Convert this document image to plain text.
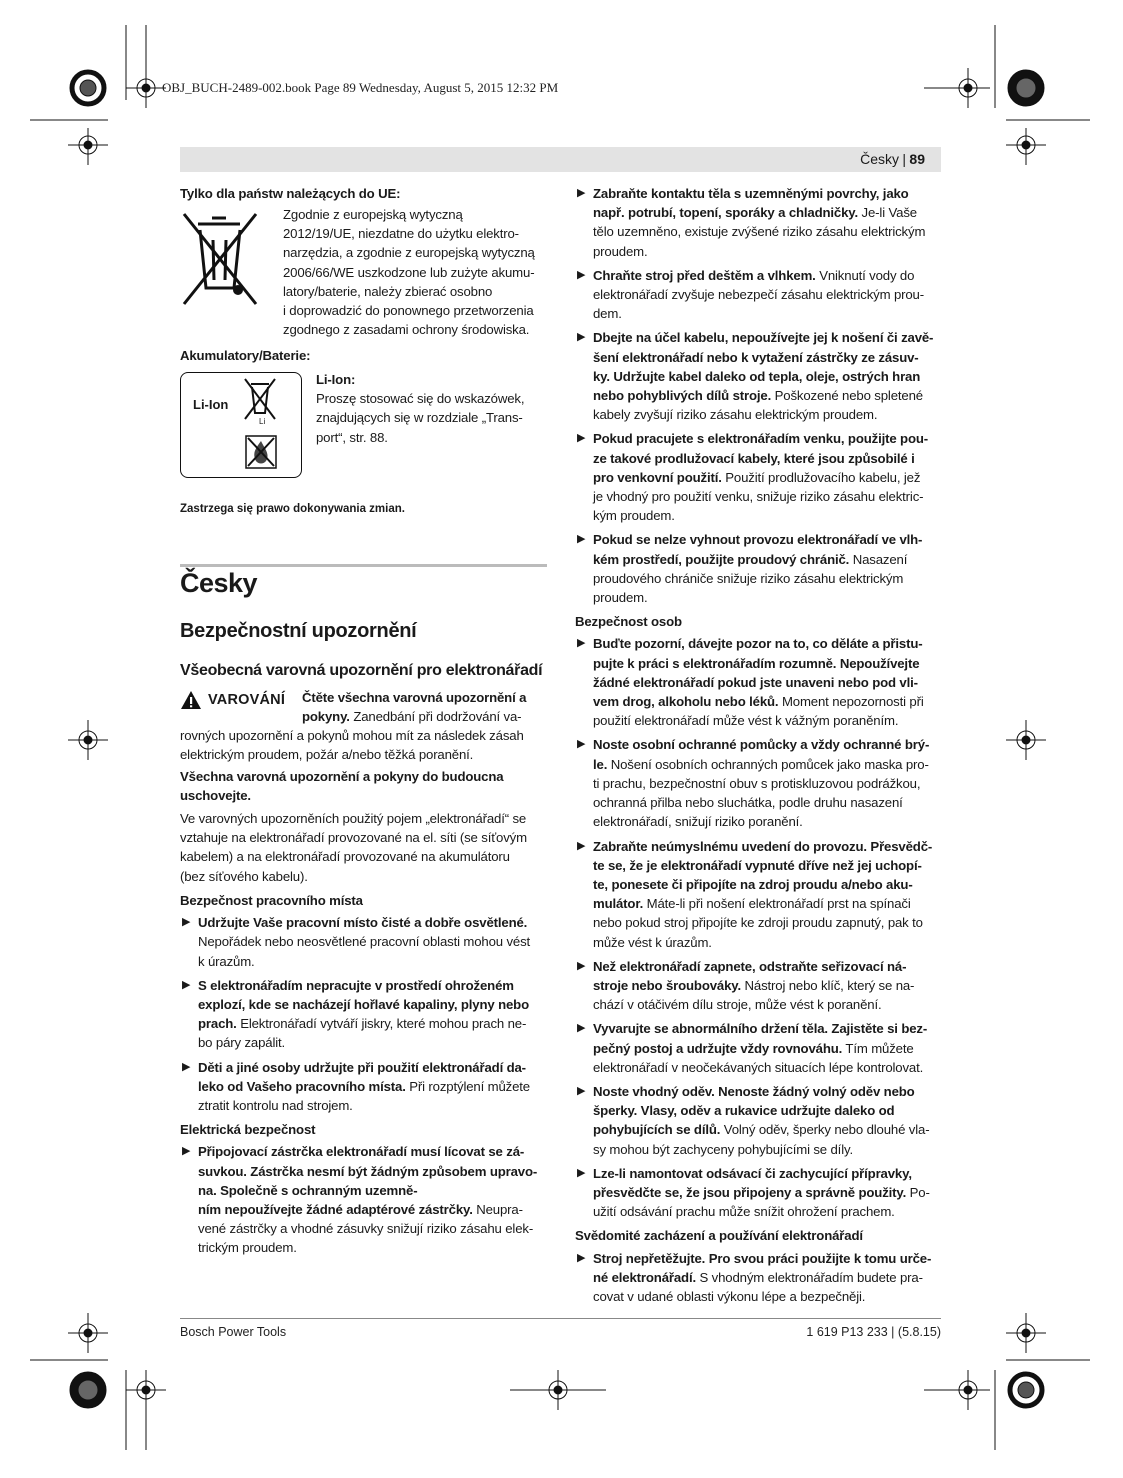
OBJ_BUCH-2489-002.book Page 89 Wednesday, August 5, 2015 12:32 PM
Česky | 89

Tylko dla państw należących do UE:

Zgodnie z europejską wytyczną

2012/19/UE, niezdatne do użytku elektro-

narzędzia, a zgodnie z europejską wytyczną

2006/66/WE uszkodzone lub zużyte akumu-

latory/baterie, należy zbierać osobno

i doprowadzić do ponownego przetworzenia

zgodnego z zasadami ochrony środowiska.

Akumulatory/Baterie:

Li-Ion
Li

Li-Ion:

Proszę stosować się do wskazówek,

znajdujących się w rozdziale „Trans-

port“, str. 88.

Zastrzega się prawo dokonywania zmian.
Česky
Bezpečnostní upozornění
Všeobecná varovná upozornění pro elektronářadí
VAROVÁNÍ Čtěte všechna varovná upozornění a

pokyny. Zanedbání při dodržování va-

rovných upozornění a pokynů mohou mít za následek zásah

elektrickým proudem, požár a/nebo těžká poranění.

Všechna varovná upozornění a pokyny do budoucna

uschovejte.

Ve varovných upozorněních použitý pojem „elektronářadí“ se

vztahuje na elektronářadí provozované na el. síti (se síťovým

kabelem) a na elektronářadí provozované na akumulátoru

(bez síťového kabelu).

Bezpečnost pracovního místa

▶ Udržujte Vaše pracovní místo čisté a dobře osvětlené.

Nepořádek nebo neosvětlené pracovní oblasti mohou vést

k úrazům.

▶ S elektronářadím nepracujte v prostředí ohroženém

explozí, kde se nacházejí hořlavé kapaliny, plyny nebo

prach. Elektronářadí vytváří jiskry, které mohou prach ne-

bo páry zapálit.

▶ Děti a jiné osoby udržujte při použití elektronářadí da-

leko od Vašeho pracovního místa. Při rozptýlení můžete

ztratit kontrolu nad strojem.

Elektrická bezpečnost

▶ Připojovací zástrčka elektronářadí musí lícovat se zá-

suvkou. Zástrčka nesmí být žádným způsobem upravo-

na. Společně s ochranným uzemně-

ním nepoužívejte žádné adaptérové zástrčky. Neupra-

vené zástrčky a vhodné zásuvky snižují riziko zásahu elek-

trickým proudem.

▶ Zabraňte kontaktu těla s uzemněnými povrchy, jako

např. potrubí, topení, sporáky a chladničky. Je-li Vaše

tělo uzemněno, existuje zvýšené riziko zásahu elektrickým

proudem.

▶ Chraňte stroj před deštěm a vlhkem. Vniknutí vody do

elektronářadí zvyšuje nebezpečí zásahu elektrickým prou-

dem.

▶ Dbejte na účel kabelu, nepoužívejte jej k nošení či zavě-

šení elektronářadí nebo k vytažení zástrčky ze zásuv-

ky. Udržujte kabel daleko od tepla, oleje, ostrých hran

nebo pohyblivých dílů stroje. Poškozené nebo spletené

kabely zvyšují riziko zásahu elektrickým proudem.

▶ Pokud pracujete s elektronářadím venku, použijte pou-

ze takové prodlužovací kabely, které jsou způsobilé i

pro venkovní použití. Použití prodlužovacího kabelu, jež

je vhodný pro použití venku, snižuje riziko zásahu elektric-

kým proudem.

▶ Pokud se nelze vyhnout provozu elektronářadí ve vlh-

kém prostředí, použijte proudový chránič. Nasazení

proudového chrániče snižuje riziko zásahu elektrickým

proudem.

Bezpečnost osob

▶ Buďte pozorní, dávejte pozor na to, co děláte a přistu-

pujte k práci s elektronářadím rozumně. Nepoužívejte

žádné elektronářadí pokud jste unaveni nebo pod vli-

vem drog, alkoholu nebo léků. Moment nepozornosti při

použití elektronářadí může vést k vážným poraněním.

▶ Noste osobní ochranné pomůcky a vždy ochranné brý-

le. Nošení osobních ochranných pomůcek jako maska pro-

ti prachu, bezpečnostní obuv s protiskluzovou podrážkou,

ochranná přilba nebo sluchátka, podle druhu nasazení

elektronářadí, snižují riziko poranění.

▶ Zabraňte neúmyslnému uvedení do provozu. Přesvědč-

te se, že je elektronářadí vypnuté dříve než jej uchopí-

te, ponesete či připojíte na zdroj proudu a/nebo aku-

mulátor. Máte-li při nošení elektronářadí prst na spínači

nebo pokud stroj připojíte ke zdroji proudu zapnutý, pak to

může vést k úrazům.

▶ Než elektronářadí zapnete, odstraňte seřizovací ná-

stroje nebo šroubováky. Nástroj nebo klíč, který se na-

chází v otáčivém dílu stroje, může vést k poranění.

▶ Vyvarujte se abnormálního držení těla. Zajistěte si bez-

pečný postoj a udržujte vždy rovnováhu. Tím můžete

elektronářadí v neočekávaných situacích lépe kontrolovat.

▶ Noste vhodný oděv. Nenoste žádný volný oděv nebo

šperky. Vlasy, oděv a rukavice udržujte daleko od

pohybujících se dílů. Volný oděv, šperky nebo dlouhé vla-

sy mohou být zachyceny pohybujícími se díly.

▶ Lze-li namontovat odsávací či zachycující přípravky,

přesvědčte se, že jsou připojeny a správně použity. Po-

užití odsávání prachu může snížit ohrožení prachem.

Svědomité zacházení a používání elektronářadí

▶ Stroj nepřetěžujte. Pro svou práci použijte k tomu urče-

né elektronářadí. S vhodným elektronářadím budete pra-

covat v udané oblasti výkonu lépe a bezpečněji.

Bosch Power Tools	1 619 P13 233 | (5.8.15)
